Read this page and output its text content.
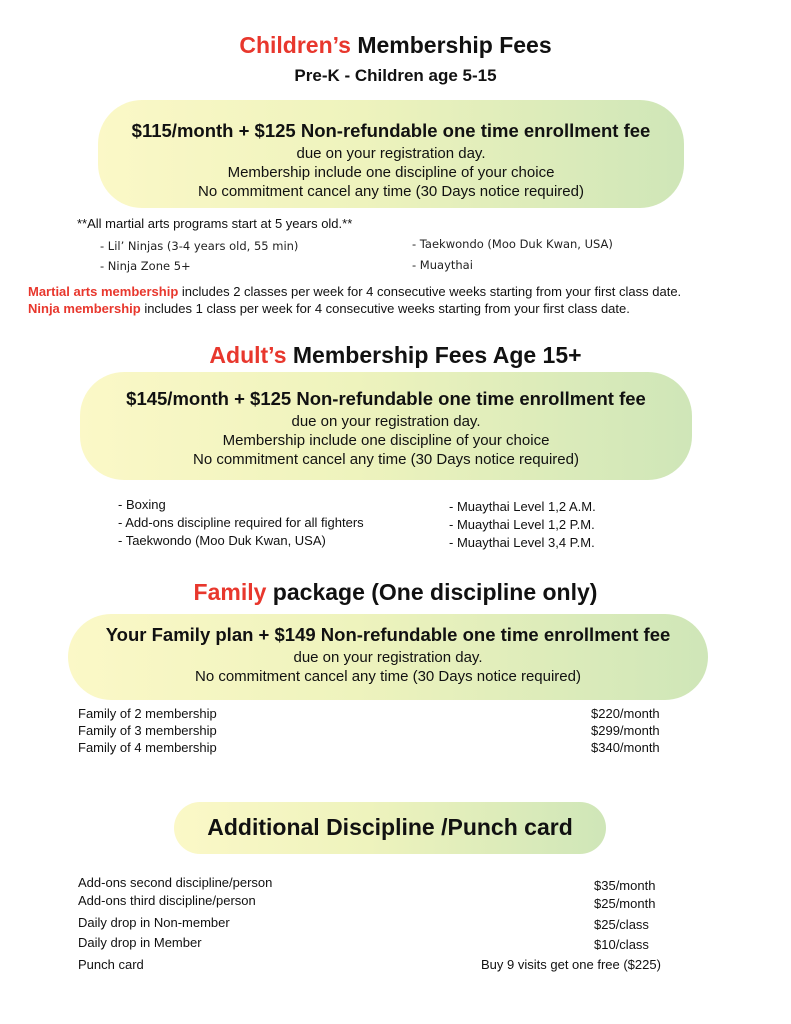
Children’s Membership Fees
Pre-K - Children age 5-15
$115/month + $125 Non-refundable one time enrollment fee
due on your registration day.
Membership include one discipline of your choice
No commitment cancel any time (30 Days notice required)
**All martial arts programs start at 5 years old.**
- Lil’ Ninjas (3-4 years old, 55 min)
- Ninja Zone 5+
- Taekwondo (Moo Duk Kwan, USA)
- Muaythai
Martial arts membership includes 2 classes per week for 4 consecutive weeks starting from your first class date.
Ninja membership includes 1 class per week for 4 consecutive weeks starting from your first class date.
Adult’s Membership Fees Age 15+
$145/month + $125 Non-refundable one time enrollment fee
due on your registration day.
Membership include one discipline of your choice
No commitment cancel any time (30 Days notice required)
- Boxing
- Add-ons discipline required for all fighters
- Taekwondo (Moo Duk Kwan, USA)
- Muaythai Level 1,2 A.M.
- Muaythai Level 1,2 P.M.
- Muaythai Level 3,4 P.M.
Family package (One discipline only)
Your Family plan + $149 Non-refundable one time enrollment fee
due on your registration day.
No commitment cancel any time (30 Days notice required)
Family of 2 membership	$220/month
Family of 3 membership	$299/month
Family of 4 membership	$340/month
Additional Discipline /Punch card
Add-ons second discipline/person	$35/month
Add-ons third discipline/person	$25/month
Daily drop in Non-member	$25/class
Daily drop in Member	$10/class
Punch card	Buy 9 visits get one free ($225)
